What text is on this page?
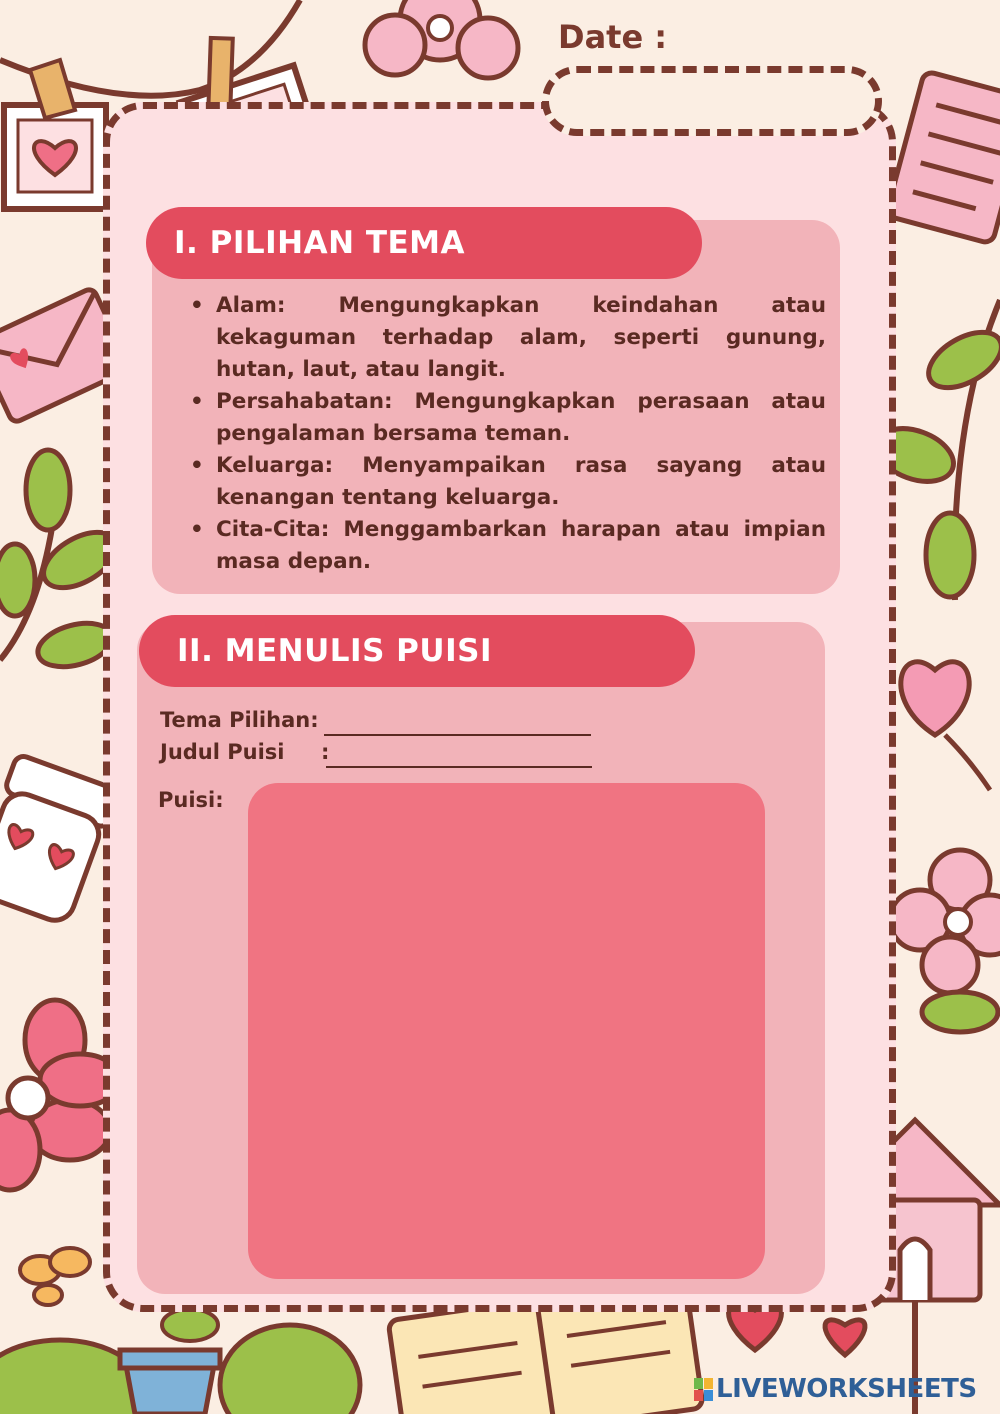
Date :
I. PILIHAN TEMA
• Alam: Mengungkapkan keindahan atau kekaguman terhadap alam, seperti gunung, hutan, laut, atau langit.
• Persahabatan: Mengungkapkan perasaan atau pengalaman bersama teman.
• Keluarga: Menyampaikan rasa sayang atau kenangan tentang keluarga.
• Cita-Cita: Menggambarkan harapan atau impian masa depan.
II. MENULIS PUISI
Tema Pilihan:
Judul Puisi     :
Puisi:
LIVEWORKSHEETS
